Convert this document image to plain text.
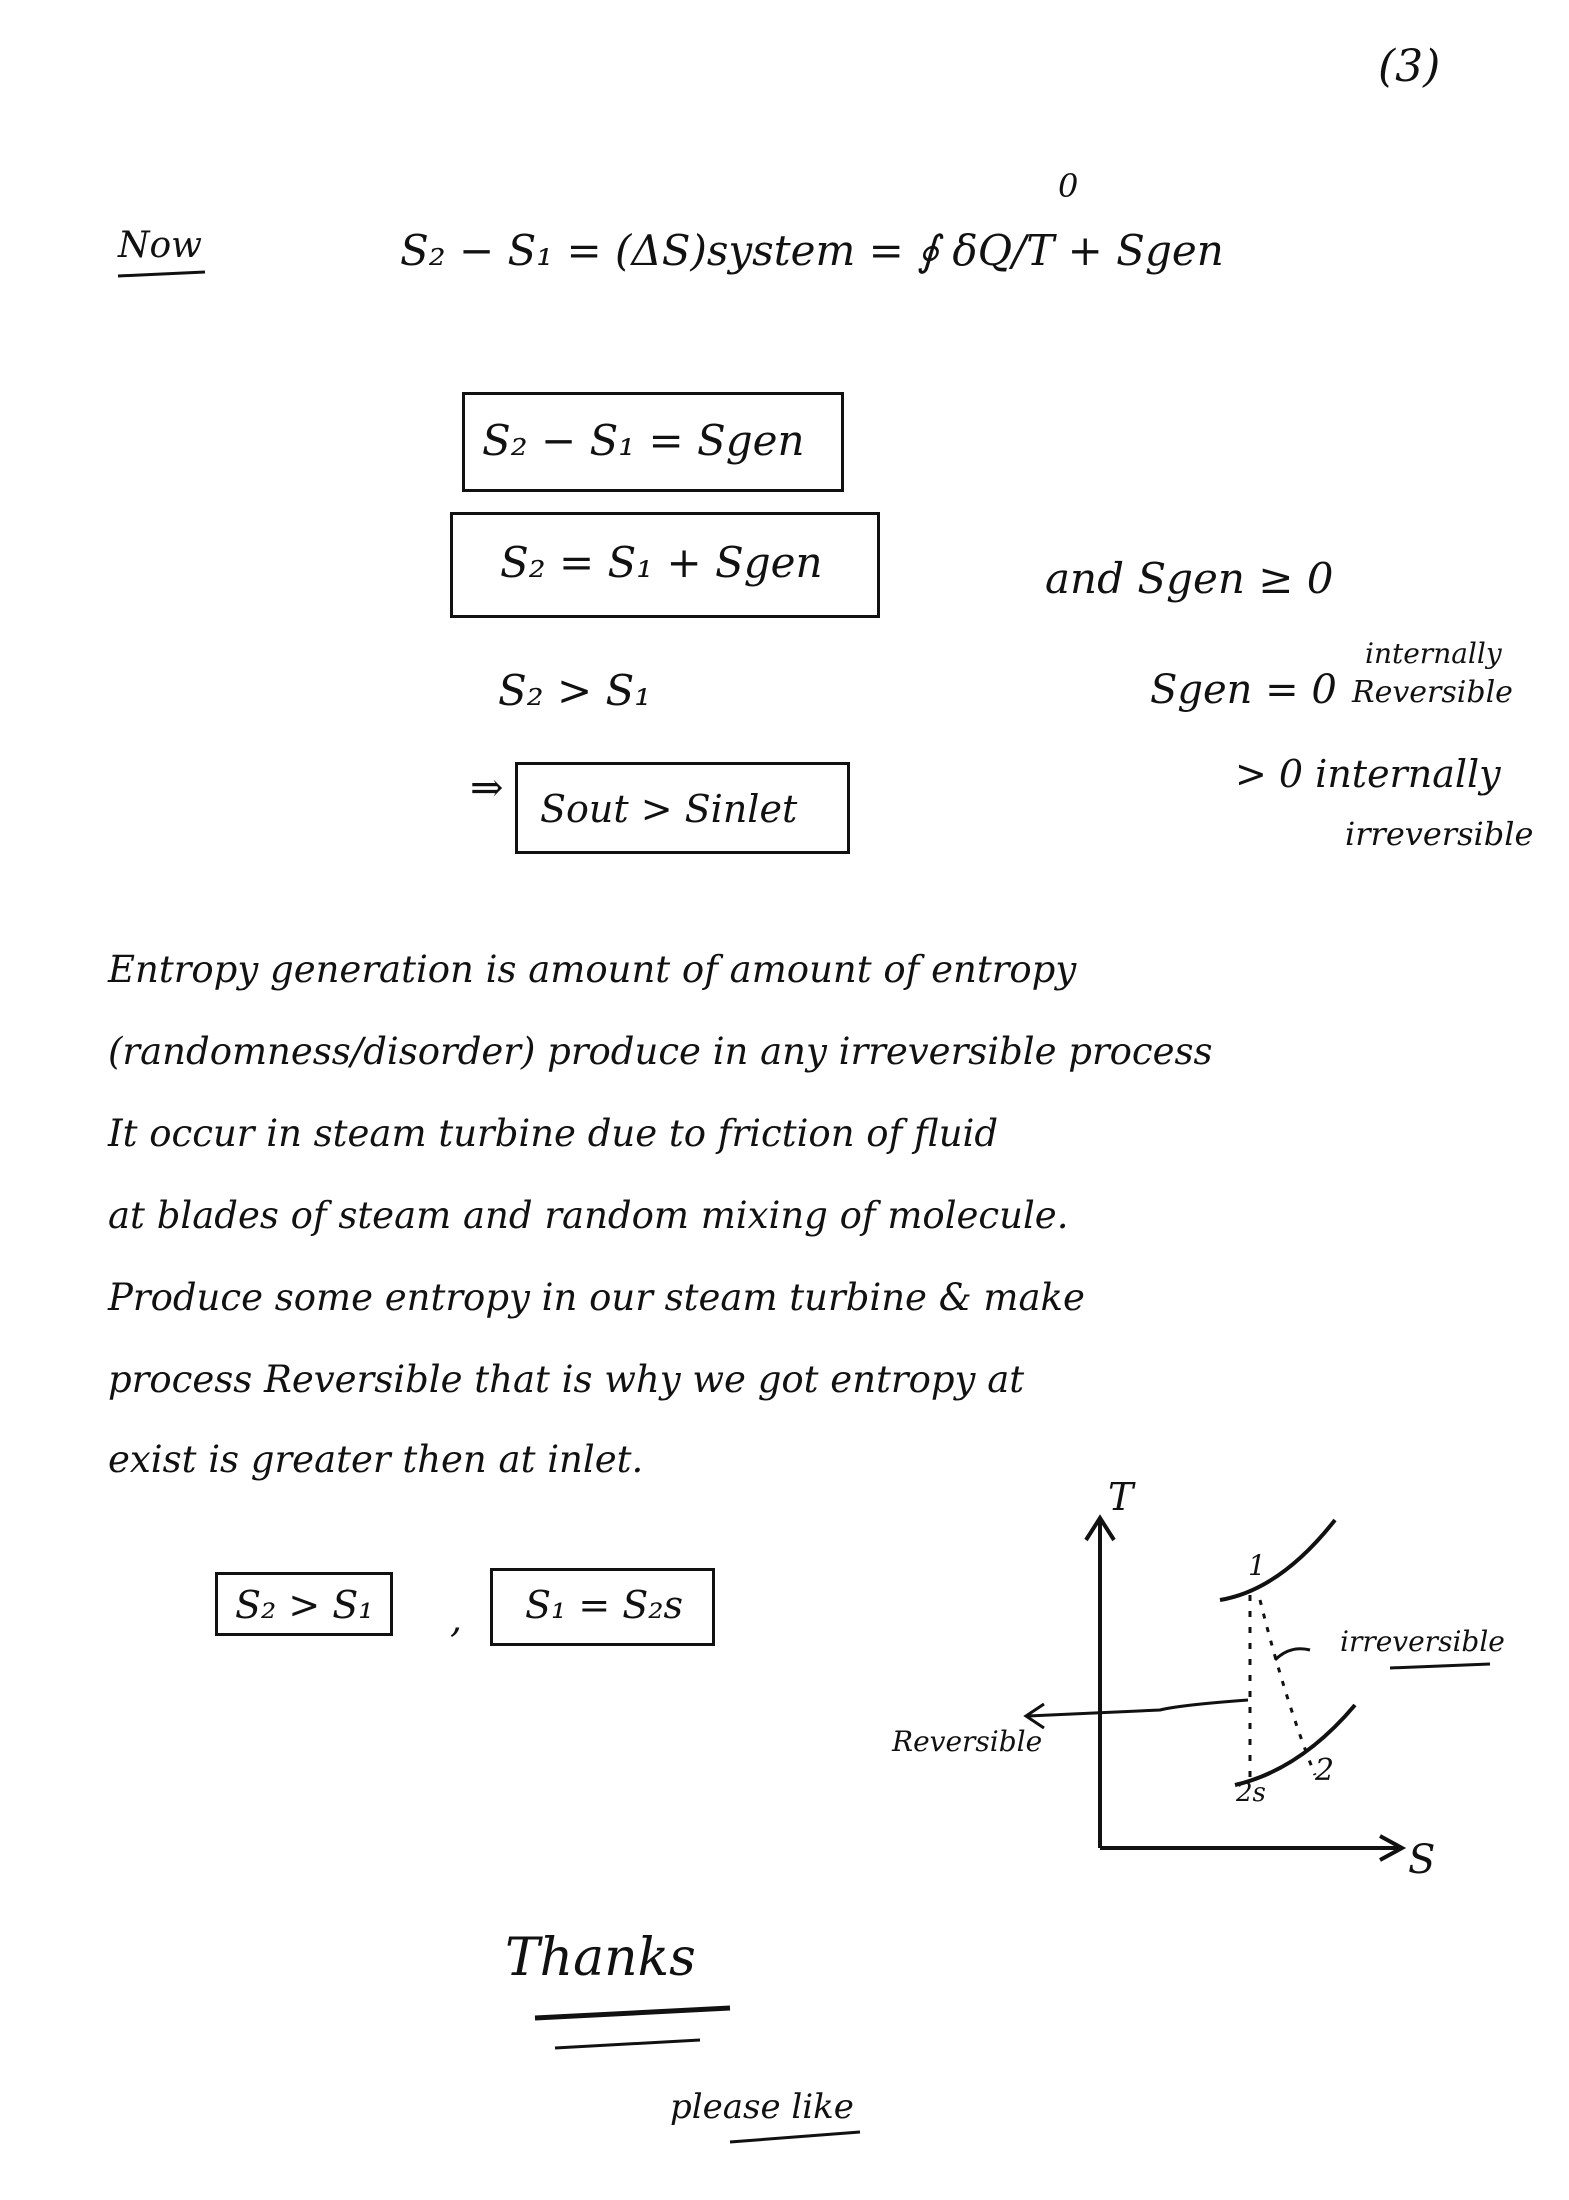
(3)
Now
0
S₂ − S₁ = (ΔS)system = ∮ δQ/T + Sgen
S₂ − S₁ = Sgen
S₂ = S₁ + Sgen	and Sgen ≥ 0
S₂ > S₁
internally
Sgen = 0 Reversible
⇒ Sout > Sinlet
> 0 internally
irreversible
Entropy generation is amount of amount of entropy
(randomness/disorder) produce in any irreversible process
It occur in steam turbine due to friction of fluid
at blades of steam and random mixing of molecule.
Produce some entropy in our steam turbine & make
process Reversible that is why we got entropy at
exist is greater then at inlet.
S₂ > S₁ , S₁ = S₂s
T
S
1
2s
2
irreversible
Reversible
Thanks
please like
